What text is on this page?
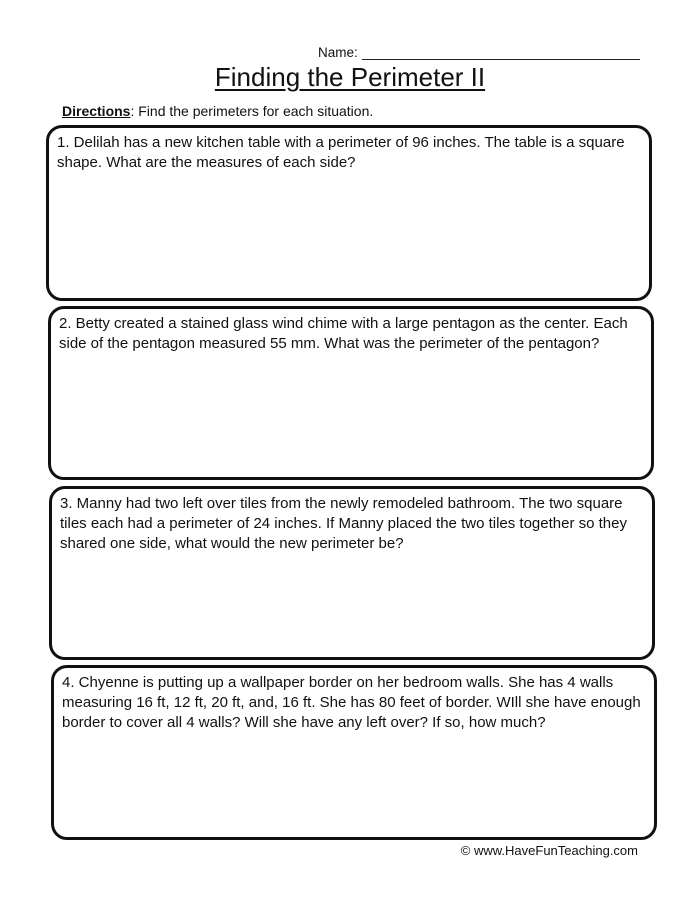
Name:
Finding the Perimeter II
Directions: Find the perimeters for each situation.
1. Delilah has a new kitchen table with a perimeter of 96 inches. The table is a square shape. What are the measures of each side?
2. Betty created a stained glass wind chime with a large pentagon as the center. Each side of the pentagon measured 55 mm. What was the perimeter of the pentagon?
3. Manny had two left over tiles from the newly remodeled bathroom. The two square tiles each had a perimeter of 24 inches. If Manny placed the two tiles together so they shared one side, what would the new perimeter be?
4. Chyenne is putting up a wallpaper border on her bedroom walls. She has 4 walls measuring 16 ft, 12 ft, 20 ft, and, 16 ft. She has 80 feet of border. WIll she have enough border to cover all 4 walls? Will she have any left over? If so, how much?
© www.HaveFunTeaching.com
